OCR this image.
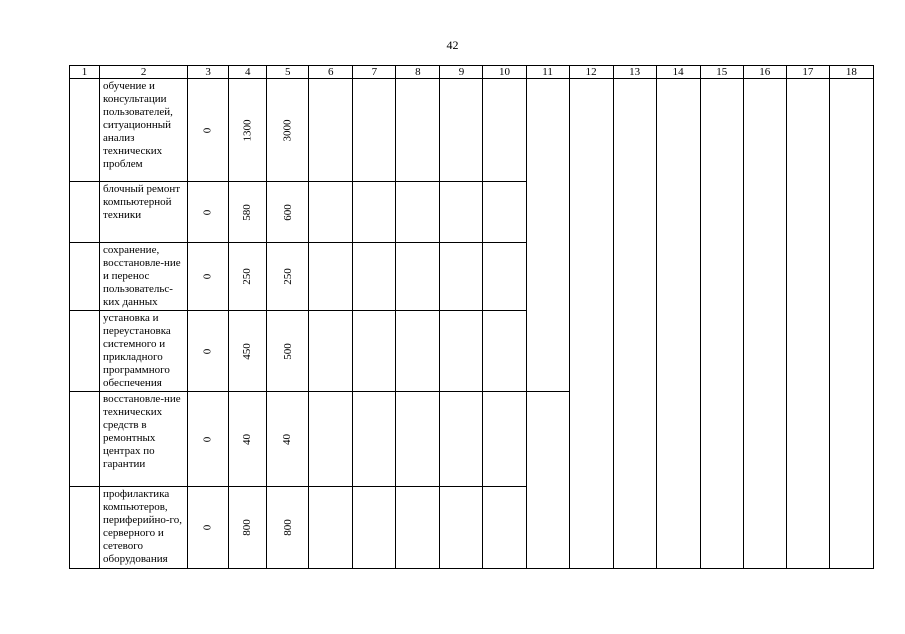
42
1	2	3	4	5	6	7	8	9	10	11	12	13	14	15	16	17	18
	обучение и консультации пользователей, ситуационный анализ технических проблем	0	1300	3000													
	блочный ремонт компьютерной техники	0	580	600													
	сохранение, восстановле-ние и перенос пользовательс-ких данных	0	250	250													
	установка и переустановка системного и прикладного программного обеспечения	0	450	500													
	восстановле-ние технических средств в ремонтных центрах по гарантии	0	40	40													
	профилактика компьютеров, периферийно-го, серверного и сетевого оборудования	0	800	800													
